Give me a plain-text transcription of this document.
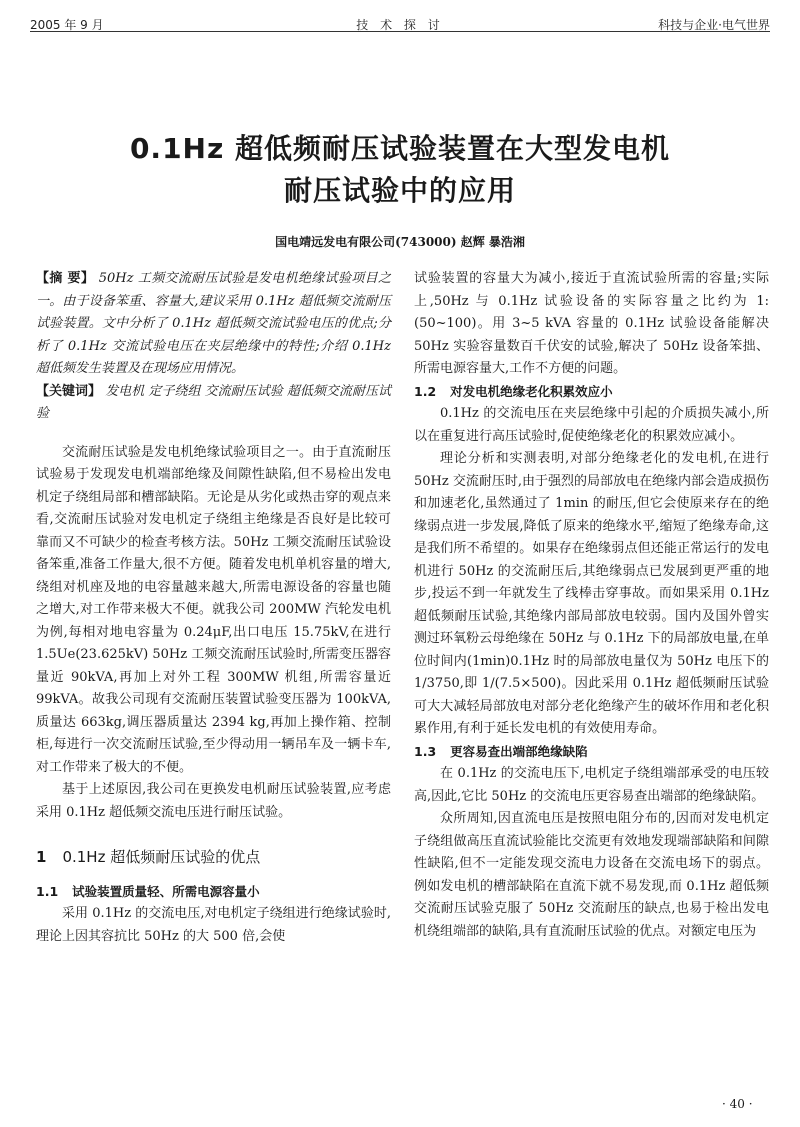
2005 年 9 月	技 术 探 讨	科技与企业·电气世界
0.1Hz 超低频耐压试验装置在大型发电机
耐压试验中的应用
国电靖远发电有限公司(743000) 赵辉 暴浩湘

【摘 要】 50Hz 工频交流耐压试验是发电机绝缘试验项目之一。由于设备笨重、容量大,建议采用 0.1Hz 超低频交流耐压试验装置。文中分析了 0.1Hz 超低频交流试验电压的优点;分析了 0.1Hz 交流试验电压在夹层绝缘中的特性;介绍 0.1Hz 超低频发生装置及在现场应用情况。

【关键词】 发电机 定子绕组 交流耐压试验 超低频交流耐压试验

交流耐压试验是发电机绝缘试验项目之一。由于直流耐压试验易于发现发电机端部绝缘及间隙性缺陷,但不易检出发电机定子绕组局部和槽部缺陷。无论是从劣化或热击穿的观点来看,交流耐压试验对发电机定子绕组主绝缘是否良好是比较可靠而又不可缺少的检查考核方法。50Hz 工频交流耐压试验设备笨重,准备工作量大,很不方便。随着发电机单机容量的增大,绕组对机座及地的电容量越来越大,所需电源设备的容量也随之增大,对工作带来极大不便。就我公司 200MW 汽轮发电机为例,每相对地电容量为 0.24μF,出口电压 15.75kV,在进行 1.5Ue(23.625kV) 50Hz 工频交流耐压试验时,所需变压器容量近 90kVA,再加上对外工程 300MW 机组,所需容量近 99kVA。故我公司现有交流耐压装置试验变压器为 100kVA,质量达 663kg,调压器质量达 2394 kg,再加上操作箱、控制柜,每进行一次交流耐压试验,至少得动用一辆吊车及一辆卡车,对工作带来了极大的不便。

基于上述原因,我公司在更换发电机耐压试验装置,应考虑采用 0.1Hz 超低频交流电压进行耐压试验。

1 0.1Hz 超低频耐压试验的优点

1.1 试验装置质量轻、所需电源容量小

采用 0.1Hz 的交流电压,对电机定子绕组进行绝缘试验时,理论上因其容抗比 50Hz 的大 500 倍,会使

试验装置的容量大为减小,接近于直流试验所需的容量;实际上,50Hz 与 0.1Hz 试验设备的实际容量之比约为 1:(50~100)。用 3~5 kVA 容量的 0.1Hz 试验设备能解决 50Hz 实验容量数百千伏安的试验,解决了 50Hz 设备笨拙、所需电源容量大,工作不方便的问题。

1.2 对发电机绝缘老化积累效应小

0.1Hz 的交流电压在夹层绝缘中引起的介质损失减小,所以在重复进行高压试验时,促使绝缘老化的积累效应减小。

理论分析和实测表明,对部分绝缘老化的发电机,在进行 50Hz 交流耐压时,由于强烈的局部放电在绝缘内部会造成损伤和加速老化,虽然通过了 1min 的耐压,但它会使原来存在的绝缘弱点进一步发展,降低了原来的绝缘水平,缩短了绝缘寿命,这是我们所不希望的。如果存在绝缘弱点但还能正常运行的发电机进行 50Hz 的交流耐压后,其绝缘弱点已发展到更严重的地步,投运不到一年就发生了线棒击穿事故。而如果采用 0.1Hz 超低频耐压试验,其绝缘内部局部放电较弱。国内及国外曾实测过环氧粉云母绝缘在 50Hz 与 0.1Hz 下的局部放电量,在单位时间内(1min)0.1Hz 时的局部放电量仅为 50Hz 电压下的 1/3750,即 1/(7.5×500)。因此采用 0.1Hz 超低频耐压试验可大大减轻局部放电对部分老化绝缘产生的破坏作用和老化积累作用,有利于延长发电机的有效使用寿命。

1.3 更容易查出端部绝缘缺陷

在 0.1Hz 的交流电压下,电机定子绕组端部承受的电压较高,因此,它比 50Hz 的交流电压更容易查出端部的绝缘缺陷。

众所周知,因直流电压是按照电阻分布的,因而对发电机定子绕组做高压直流试验能比交流更有效地发现端部缺陷和间隙性缺陷,但不一定能发现交流电力设备在交流电场下的弱点。例如发电机的槽部缺陷在直流下就不易发现,而 0.1Hz 超低频交流耐压试验克服了 50Hz 交流耐压的缺点,也易于检出发电机绕组端部的缺陷,具有直流耐压试验的优点。对额定电压为

· 40 ·
